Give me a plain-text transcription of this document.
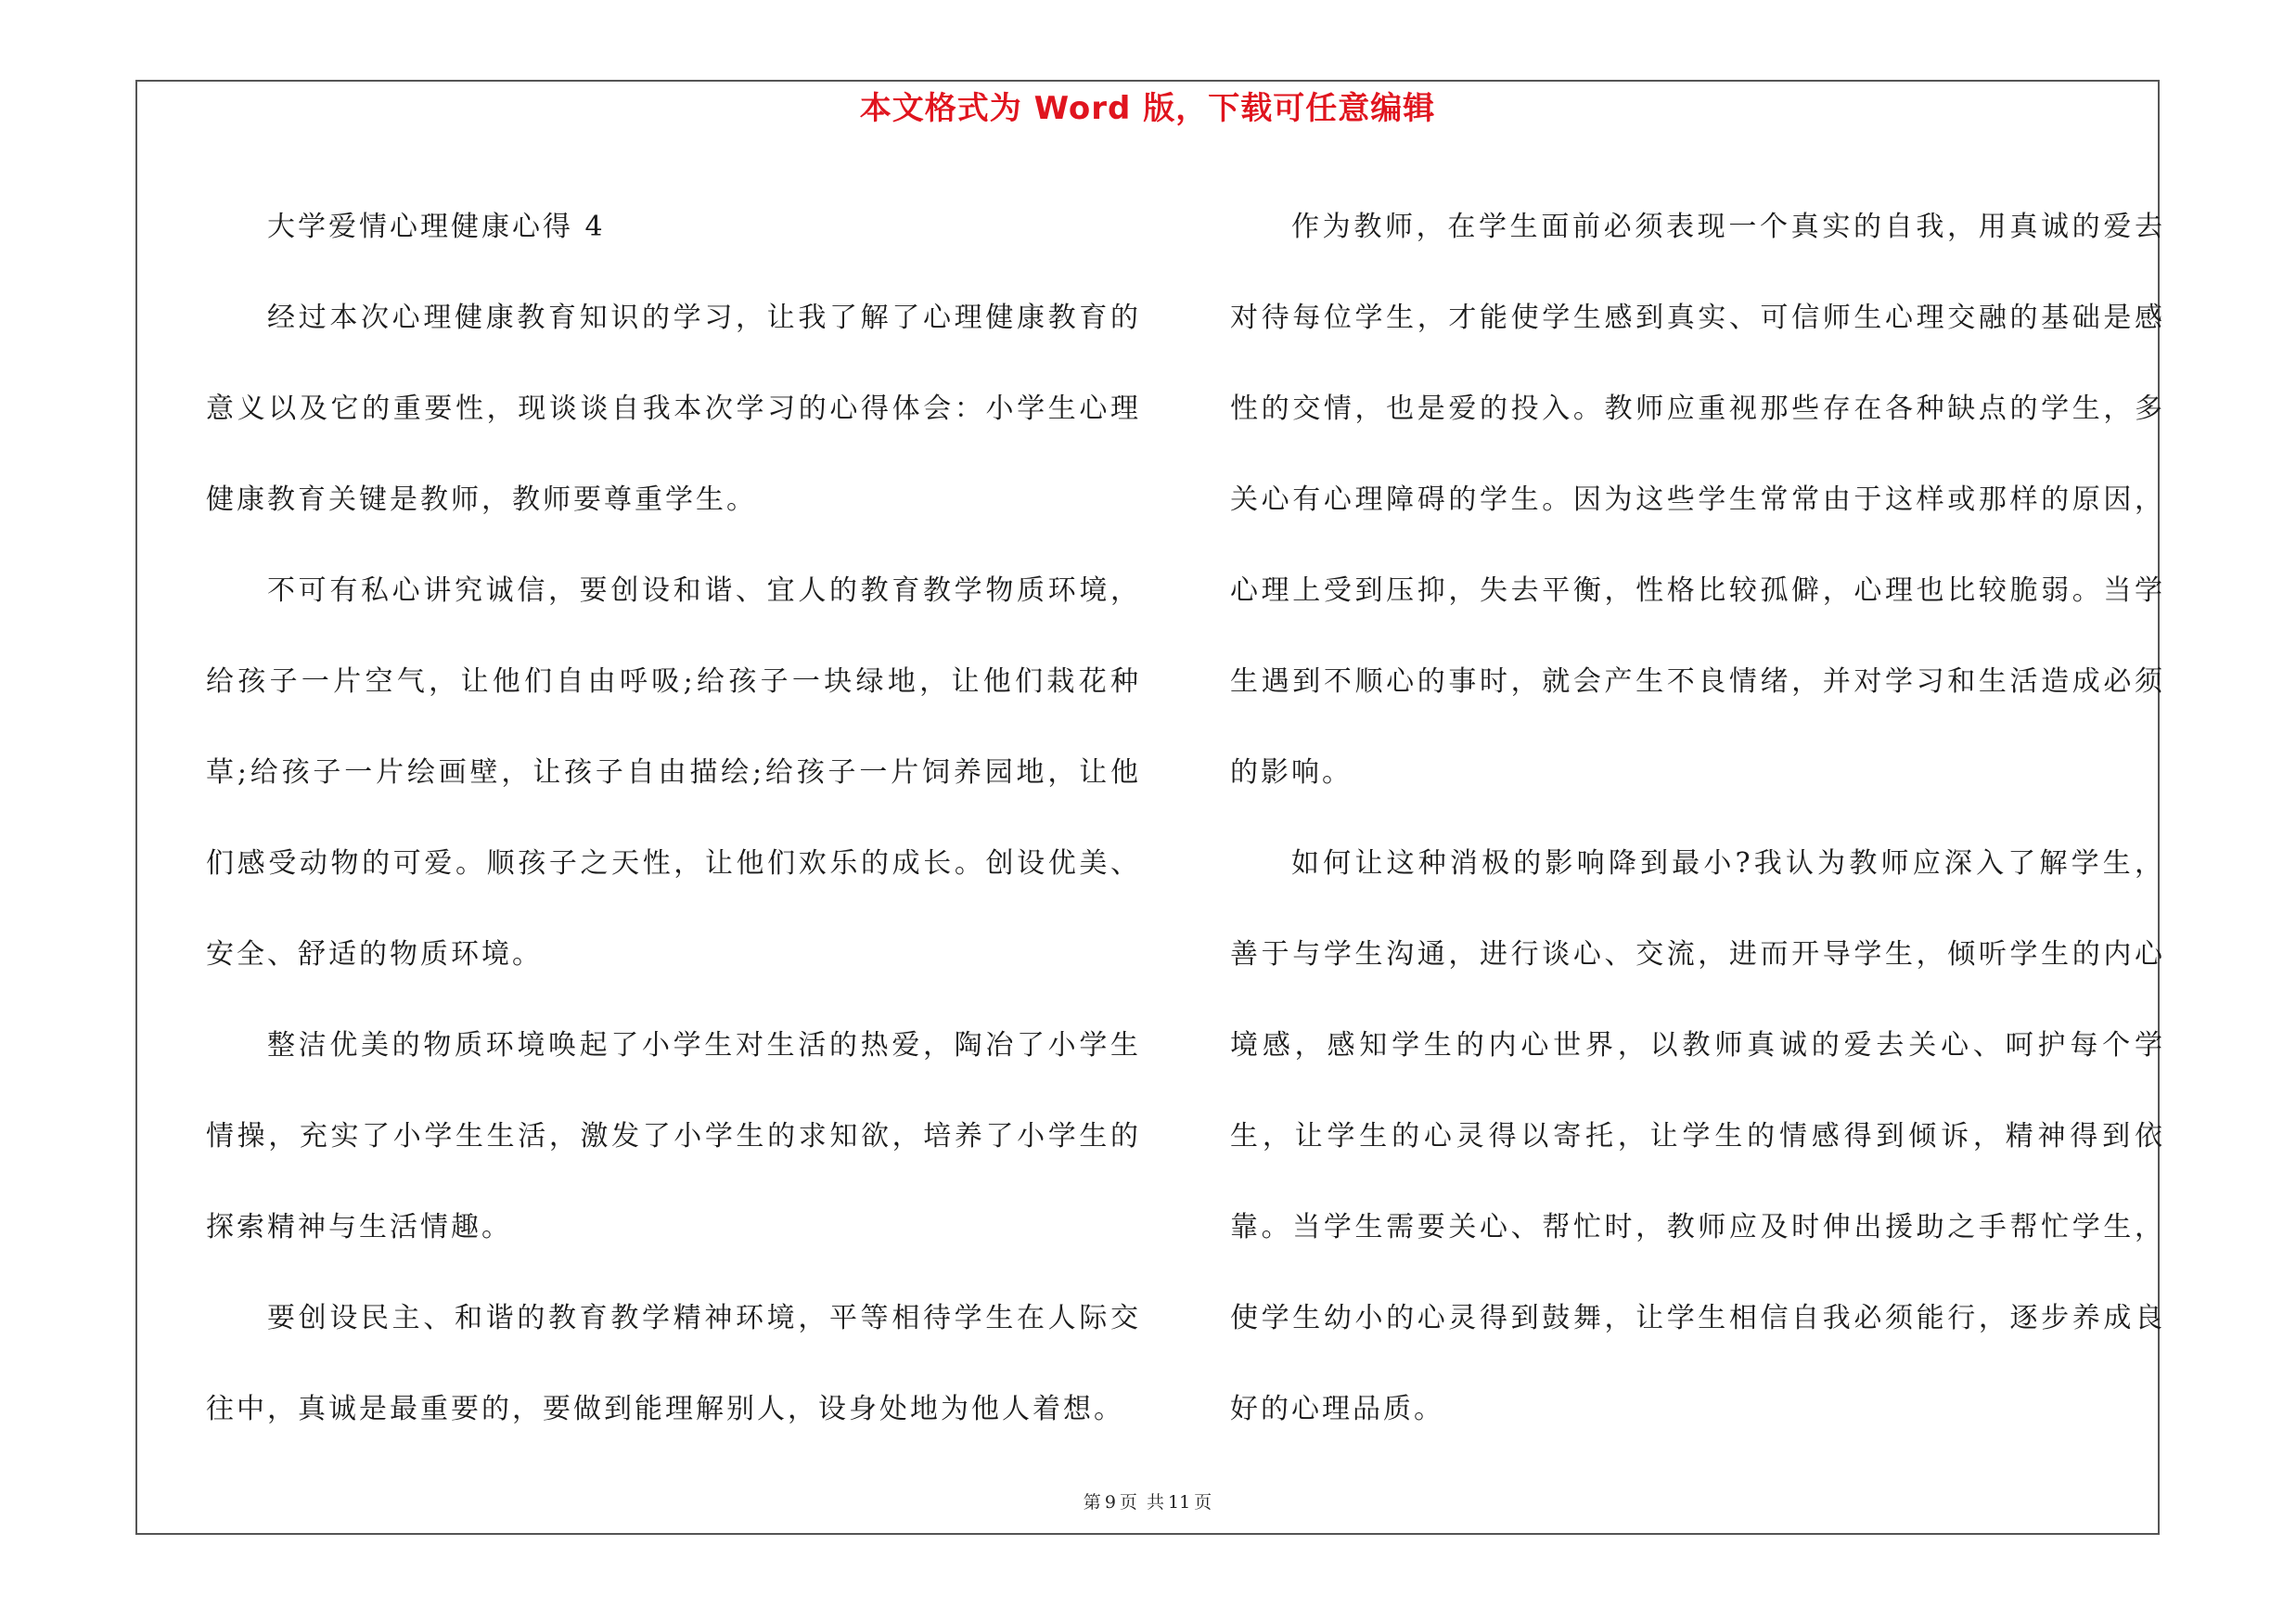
本文格式为 Word 版，下载可任意编辑

大学爱情心理健康心得 4

经过本次心理健康教育知识的学习，让我了解了心理健康教育的意义以及它的重要性，现谈谈自我本次学习的心得体会：小学生心理健康教育关键是教师，教师要尊重学生。

不可有私心讲究诚信，要创设和谐、宜人的教育教学物质环境，给孩子一片空气，让他们自由呼吸;给孩子一块绿地，让他们栽花种草;给孩子一片绘画壁，让孩子自由描绘;给孩子一片饲养园地，让他们感受动物的可爱。顺孩子之天性，让他们欢乐的成长。创设优美、安全、舒适的物质环境。

整洁优美的物质环境唤起了小学生对生活的热爱，陶冶了小学生情操，充实了小学生生活，激发了小学生的求知欲，培养了小学生的探索精神与生活情趣。

要创设民主、和谐的教育教学精神环境，平等相待学生在人际交往中，真诚是最重要的，要做到能理解别人，设身处地为他人着想。

作为教师，在学生面前必须表现一个真实的自我，用真诚的爱去对待每位学生，才能使学生感到真实、可信师生心理交融的基础是感性的交情，也是爱的投入。教师应重视那些存在各种缺点的学生，多关心有心理障碍的学生。因为这些学生常常由于这样或那样的原因，心理上受到压抑，失去平衡，性格比较孤僻，心理也比较脆弱。当学生遇到不顺心的事时，就会产生不良情绪，并对学习和生活造成必须的影响。

如何让这种消极的影响降到最小?我认为教师应深入了解学生，善于与学生沟通，进行谈心、交流，进而开导学生，倾听学生的内心境感，感知学生的内心世界，以教师真诚的爱去关心、呵护每个学生，让学生的心灵得以寄托，让学生的情感得到倾诉，精神得到依靠。当学生需要关心、帮忙时，教师应及时伸出援助之手帮忙学生，使学生幼小的心灵得到鼓舞，让学生相信自我必须能行，逐步养成良好的心理品质。

第 9 页 共 11 页
